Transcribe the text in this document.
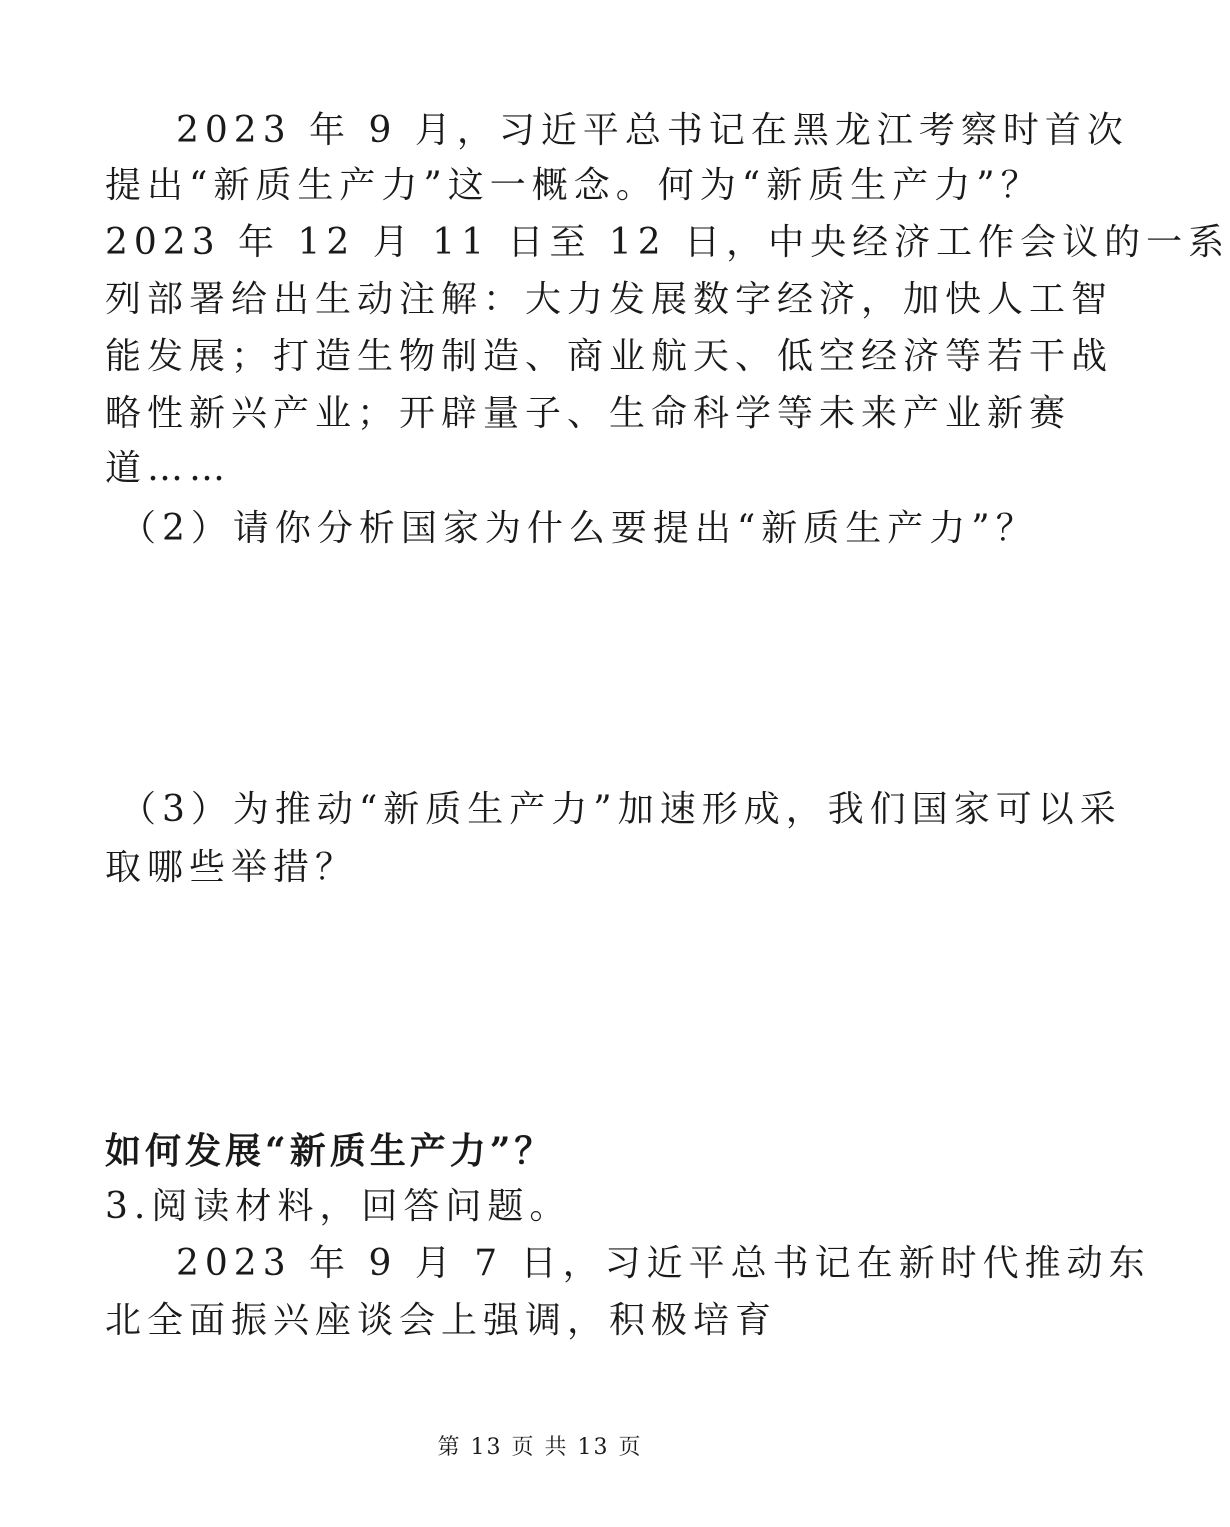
2023 年 9 月，习近平总书记在黑龙江考察时首次
提出“新质生产力”这一概念。何为“新质生产力”？
2023 年 12 月 11 日至 12 日，中央经济工作会议的一系
列部署给出生动注解：大力发展数字经济，加快人工智
能发展；打造生物制造、商业航天、低空经济等若干战
略性新兴产业；开辟量子、生命科学等未来产业新赛
道……
（2）请你分析国家为什么要提出“新质生产力”？
（3）为推动“新质生产力”加速形成，我们国家可以采
取哪些举措？
如何发展“新质生产力”？
3.阅读材料，回答问题。
2023 年 9 月 7 日，习近平总书记在新时代推动东
北全面振兴座谈会上强调，积极培育
第 13 页 共 13 页
